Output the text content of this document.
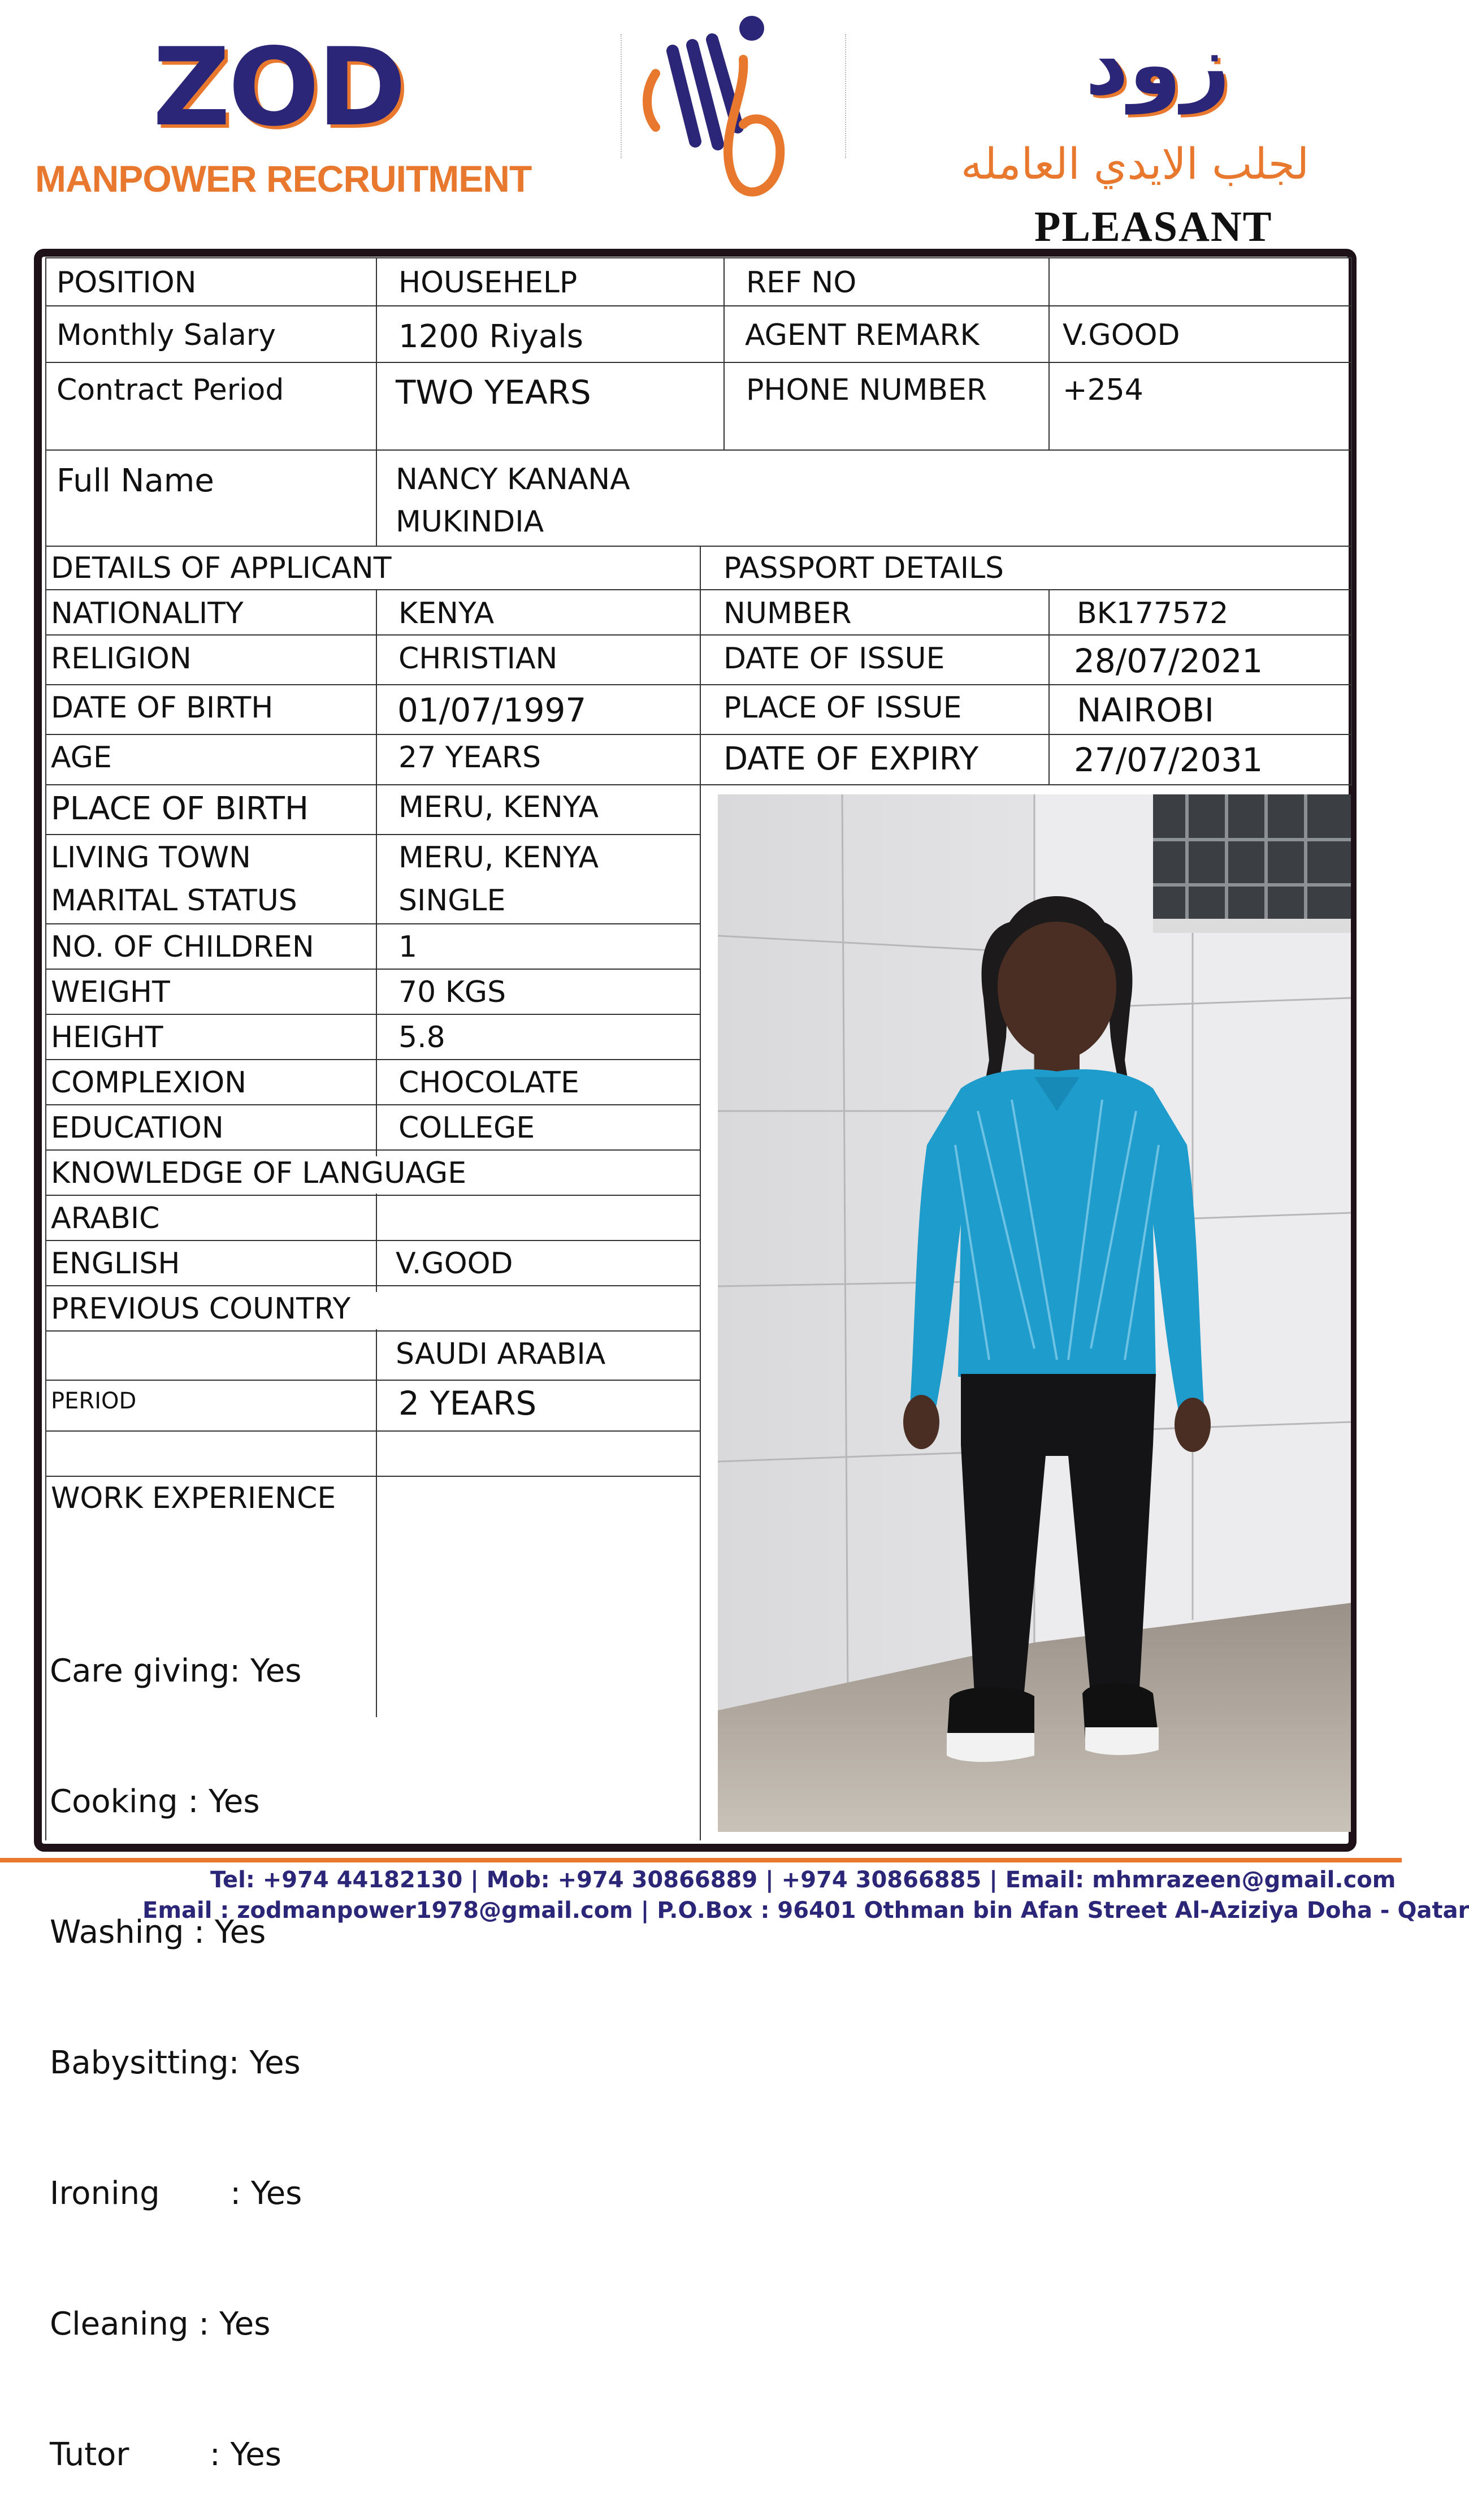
ZOD
MANPOWER RECRUITMENT
زود
لجلب الايدي العامله
PLEASANT
POSITION	HOUSEHELP	REF NO
Monthly Salary	1200 Riyals	AGENT REMARK	V.GOOD
Contract Period	TWO YEARS	PHONE NUMBER	+254
Full Name	NANCY KANANA
MUKINDIA
DETAILS OF APPLICANT	PASSPORT DETAILS
NATIONALITY	KENYA	NUMBER	BK177572
RELIGION	CHRISTIAN	DATE OF ISSUE	28/07/2021
DATE OF BIRTH	01/07/1997	PLACE OF ISSUE	NAIROBI
AGE	27 YEARS	DATE OF EXPIRY	27/07/2031
PLACE OF BIRTH	MERU, KENYA
LIVING TOWN	MERU, KENYA
MARITAL STATUS	SINGLE
NO. OF CHILDREN	1
WEIGHT	70 KGS
HEIGHT	5.8
COMPLEXION	CHOCOLATE
EDUCATION	COLLEGE
KNOWLEDGE OF LANGUAGE
ARABIC
ENGLISH	V.GOOD
PREVIOUS COUNTRY
SAUDI ARABIA
PERIOD	2 YEARS
WORK EXPERIENCE

Care giving: Yes

Cooking : Yes

Washing : Yes

Babysitting: Yes

Ironing       : Yes

Cleaning : Yes

Tutor        : Yes

Tel: +974 44182130 | Mob: +974 30866889 | +974 30866885 | Email: mhmrazeen@gmail.com
Email : zodmanpower1978@gmail.com | P.O.Box : 96401 Othman bin Afan Street Al-Aziziya Doha - Qatar
